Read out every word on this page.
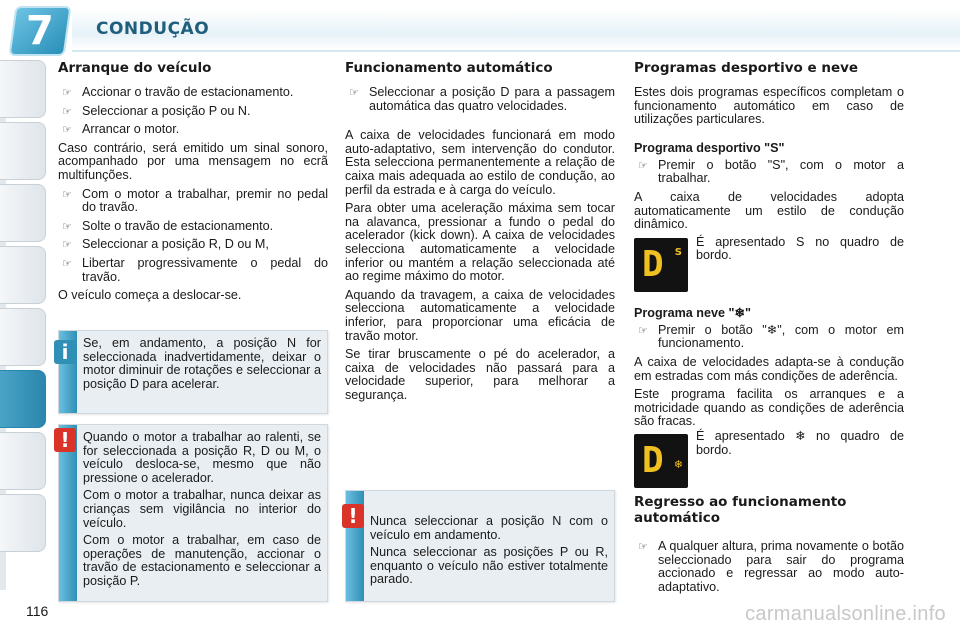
7 CONDUÇÃO
Arranque do veículo
☞ Accionar o travão de estacionamento.
☞ Seleccionar a posição P ou N.
☞ Arrancar o motor.

Caso contrário, será emitido um sinal sonoro, acompanhado por uma mensagem no ecrã multifunções.

☞ Com o motor a trabalhar, premir no pedal do travão.
☞ Solte o travão de estacionamento.
☞ Seleccionar a posição R, D ou M,
☞ Libertar progressivamente o pedal do travão.

O veículo começa a deslocar-se.

Se, em andamento, a posição N for seleccionada inadvertidamente, deixar o motor diminuir de rotações e seleccionar a posição D para acelerar.

i

Quando o motor a trabalhar ao ralenti, se for seleccionada a posição R, D ou M, o veículo desloca-se, mesmo que não pressione o acelerador.

Com o motor a trabalhar, nunca deixar as crianças sem vigilância no interior do veículo.

Com o motor a trabalhar, em caso de operações de manutenção, accionar o travão de estacionamento e seleccionar a posição P.

!
Funcionamento automático
☞ Seleccionar a posição D para a passagem automática das quatro velocidades.

A caixa de velocidades funcionará em modo auto-adaptativo, sem intervenção do condutor. Esta selecciona permanentemente a relação de caixa mais adequada ao estilo de condução, ao perfil da estrada e à carga do veículo.

Para obter uma aceleração máxima sem tocar na alavanca, pressionar a fundo o pedal do acelerador (kick down). A caixa de velocidades selecciona automaticamente a velocidade inferior ou mantém a relação seleccionada até ao regime máximo do motor.

Aquando da travagem, a caixa de velocidades selecciona automaticamente a velocidade inferior, para proporcionar uma eficácia de travão motor.

Se tirar bruscamente o pé do acelerador, a caixa de velocidades não passará para a velocidade superior, para melhorar a segurança.

Nunca seleccionar a posição N com o veículo em andamento.

Nunca seleccionar as posições P ou R, enquanto o veículo não estiver totalmente parado.

!
Programas desportivo e neve

Estes dois programas específicos completam o funcionamento automático em caso de utilizações particulares.

Programa desportivo "S"
☞ Premir o botão "S", com o motor a trabalhar.

A caixa de velocidades adopta automaticamente um estilo de condução dinâmico.

D S

É apresentado S no quadro de bordo.

Programa neve "❄"
☞ Premir o botão "❄", com o motor em funcionamento.

A caixa de velocidades adapta-se à condução em estradas com más condições de aderência.

Este programa facilita os arranques e a motricidade quando as condições de aderência são fracas.

D ❄

É apresentado ❄ no quadro de bordo.

Regresso ao funcionamento automático
☞ A qualquer altura, prima novamente o botão seleccionado para sair do programa accionado e regressar ao modo auto-adaptativo.
116	carmanualsonline.info
